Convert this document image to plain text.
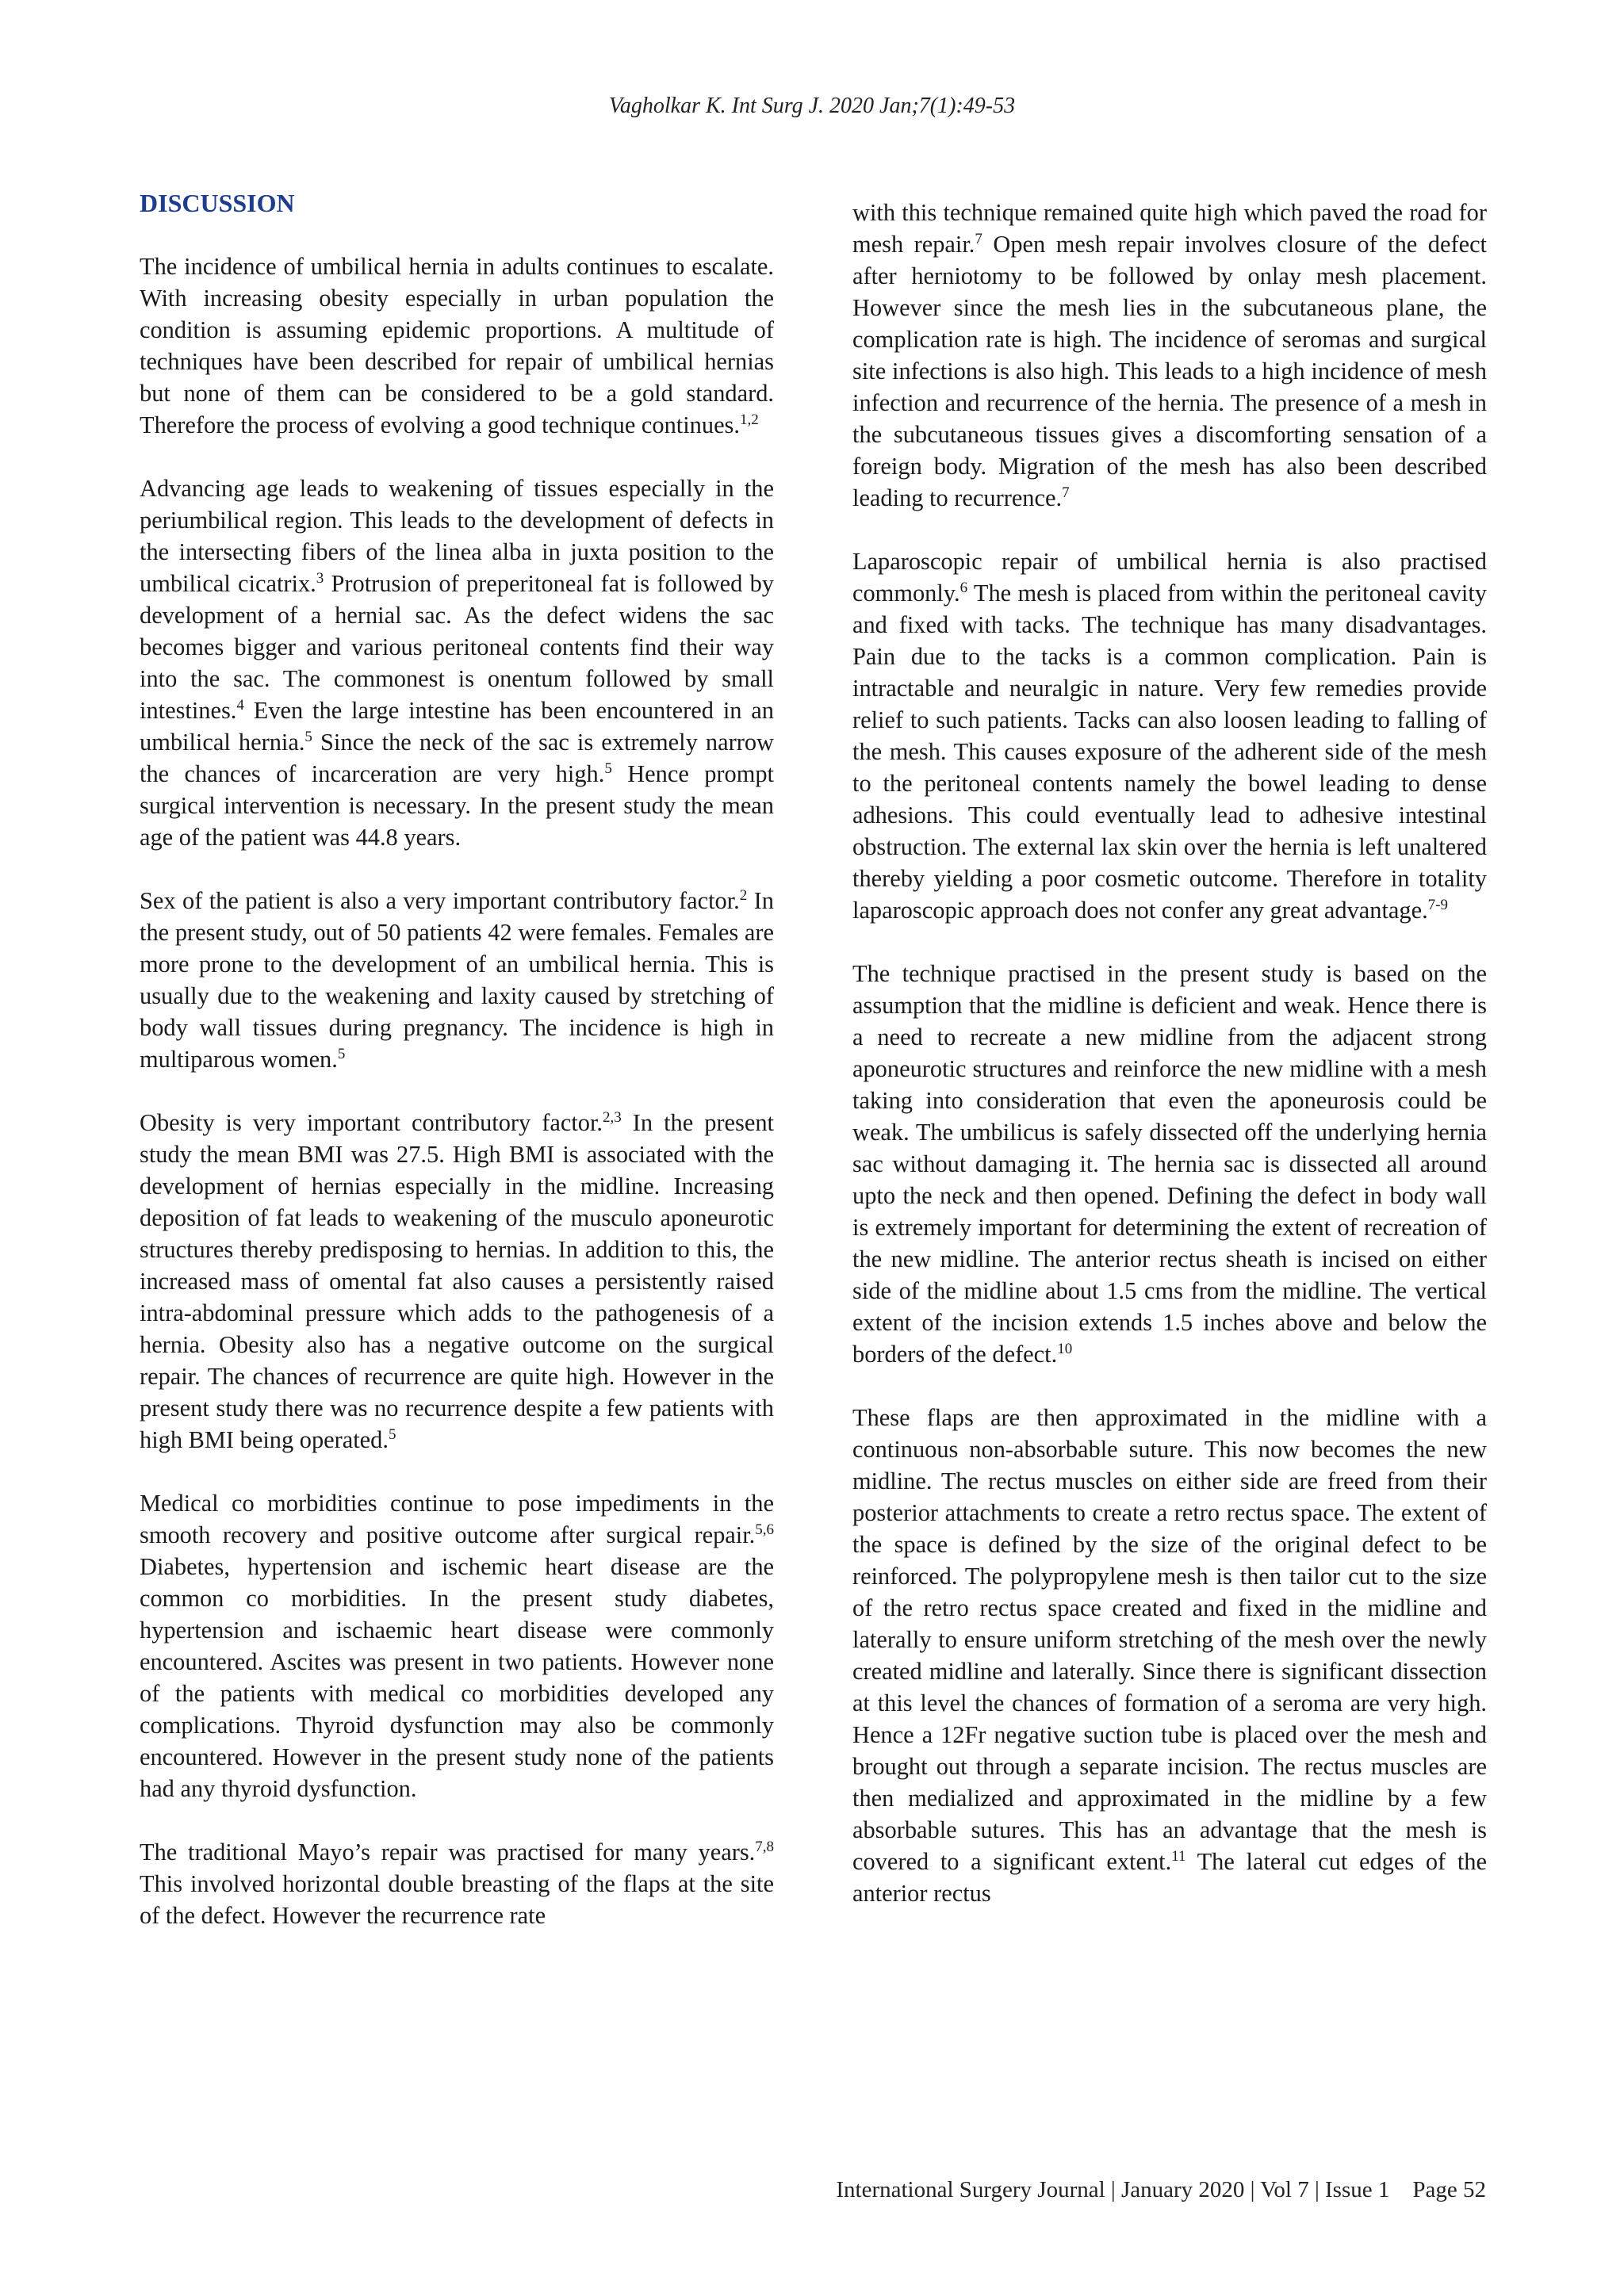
Vagholkar K. Int Surg J. 2020 Jan;7(1):49-53
DISCUSSION

The incidence of umbilical hernia in adults continues to escalate. With increasing obesity especially in urban population the condition is assuming epidemic proportions. A multitude of techniques have been described for repair of umbilical hernias but none of them can be considered to be a gold standard. Therefore the process of evolving a good technique continues.$^{1,2}$

Advancing age leads to weakening of tissues especially in the periumbilical region. This leads to the development of defects in the intersecting fibers of the linea alba in juxta position to the umbilical cicatrix.$^3$ Protrusion of preperitoneal fat is followed by development of a hernial sac. As the defect widens the sac becomes bigger and various peritoneal contents find their way into the sac. The commonest is onentum followed by small intestines.$^4$ Even the large intestine has been encountered in an umbilical hernia.$^5$ Since the neck of the sac is extremely narrow the chances of incarceration are very high.$^5$ Hence prompt surgical intervention is necessary. In the present study the mean age of the patient was 44.8 years.

Sex of the patient is also a very important contributory factor.$^2$ In the present study, out of 50 patients 42 were females. Females are more prone to the development of an umbilical hernia. This is usually due to the weakening and laxity caused by stretching of body wall tissues during pregnancy. The incidence is high in multiparous women.$^5$

Obesity is very important contributory factor.$^{2,3}$ In the present study the mean BMI was 27.5. High BMI is associated with the development of hernias especially in the midline. Increasing deposition of fat leads to weakening of the musculo aponeurotic structures thereby predisposing to hernias. In addition to this, the increased mass of omental fat also causes a persistently raised intra-abdominal pressure which adds to the pathogenesis of a hernia. Obesity also has a negative outcome on the surgical repair. The chances of recurrence are quite high. However in the present study there was no recurrence despite a few patients with high BMI being operated.$^5$

Medical co morbidities continue to pose impediments in the smooth recovery and positive outcome after surgical repair.$^{5,6}$ Diabetes, hypertension and ischemic heart disease are the common co morbidities. In the present study diabetes, hypertension and ischaemic heart disease were commonly encountered. Ascites was present in two patients. However none of the patients with medical co morbidities developed any complications. Thyroid dysfunction may also be commonly encountered. However in the present study none of the patients had any thyroid dysfunction.

The traditional Mayo’s repair was practised for many years.$^{7,8}$ This involved horizontal double breasting of the flaps at the site of the defect. However the recurrence rate

with this technique remained quite high which paved the road for mesh repair.$^7$ Open mesh repair involves closure of the defect after herniotomy to be followed by onlay mesh placement. However since the mesh lies in the subcutaneous plane, the complication rate is high. The incidence of seromas and surgical site infections is also high. This leads to a high incidence of mesh infection and recurrence of the hernia. The presence of a mesh in the subcutaneous tissues gives a discomforting sensation of a foreign body. Migration of the mesh has also been described leading to recurrence.$^7$

Laparoscopic repair of umbilical hernia is also practised commonly.$^6$ The mesh is placed from within the peritoneal cavity and fixed with tacks. The technique has many disadvantages. Pain due to the tacks is a common complication. Pain is intractable and neuralgic in nature. Very few remedies provide relief to such patients. Tacks can also loosen leading to falling of the mesh. This causes exposure of the adherent side of the mesh to the peritoneal contents namely the bowel leading to dense adhesions. This could eventually lead to adhesive intestinal obstruction. The external lax skin over the hernia is left unaltered thereby yielding a poor cosmetic outcome. Therefore in totality laparoscopic approach does not confer any great advantage.$^{7-9}$

The technique practised in the present study is based on the assumption that the midline is deficient and weak. Hence there is a need to recreate a new midline from the adjacent strong aponeurotic structures and reinforce the new midline with a mesh taking into consideration that even the aponeurosis could be weak. The umbilicus is safely dissected off the underlying hernia sac without damaging it. The hernia sac is dissected all around upto the neck and then opened. Defining the defect in body wall is extremely important for determining the extent of recreation of the new midline. The anterior rectus sheath is incised on either side of the midline about 1.5 cms from the midline. The vertical extent of the incision extends 1.5 inches above and below the borders of the defect.$^{10}$

These flaps are then approximated in the midline with a continuous non-absorbable suture. This now becomes the new midline. The rectus muscles on either side are freed from their posterior attachments to create a retro rectus space. The extent of the space is defined by the size of the original defect to be reinforced. The polypropylene mesh is then tailor cut to the size of the retro rectus space created and fixed in the midline and laterally to ensure uniform stretching of the mesh over the newly created midline and laterally. Since there is significant dissection at this level the chances of formation of a seroma are very high. Hence a 12Fr negative suction tube is placed over the mesh and brought out through a separate incision. The rectus muscles are then medialized and approximated in the midline by a few absorbable sutures. This has an advantage that the mesh is covered to a significant extent.$^{11}$ The lateral cut edges of the anterior rectus

International Surgery Journal | January 2020 | Vol 7 | Issue 1 Page 52
